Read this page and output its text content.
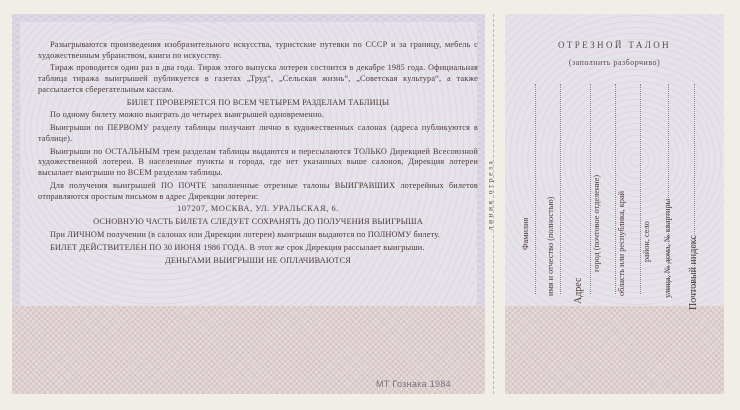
Разыгрываются произведения изобразительного искусства, туристские путевки по СССР и за границу, мебель с художественным убранством, книги по искусству.

Тираж проводится один раз в два года. Тираж этого выпуска лотереи состоится в декабре 1985 года. Официальная таблица тиража выигрышей публикуется в газетах „Труд“, „Сельская жизнь“, „Советская культура“, а также рассылается сберегательным кассам.

БИЛЕТ ПРОВЕРЯЕТСЯ ПО ВСЕМ ЧЕТЫРЕМ РАЗДЕЛАМ ТАБЛИЦЫ

По одному билету можно выиграть до четырех выигрышей одновременно.

Выигрыши по ПЕРВОМУ разделу таблицы получают лично в художественных салонах (адреса публикуются в таблице).

Выигрыши по ОСТАЛЬНЫМ трем разделам таблицы выдаются и пересылаются ТОЛЬКО Дирекцией Всесоюзной художественной лотереи. В населенные пункты и города, где нет указанных выше салонов, Дирекция лотереи высылает выигрыши по ВСЕМ разделам таблицы.

Для получения выигрышей ПО ПОЧТЕ заполненные отрезные талоны ВЫИГРАВШИХ лотерейных билетов отправляются простым письмом в адрес Дирекции лотереи:

107207, МОСКВА, УЛ. УРАЛЬСКАЯ, 6.

ОСНОВНУЮ ЧАСТЬ БИЛЕТА СЛЕДУЕТ СОХРАНЯТЬ ДО ПОЛУЧЕНИЯ ВЫИГРЫША

При ЛИЧНОМ получении (в салонах или Дирекции лотереи) выигрыши выдаются по ПОЛНОМУ билету.

БИЛЕТ ДЕЙСТВИТЕЛЕН ПО 30 ИЮНЯ 1986 ГОДА. В этот же срок Дирекция рассылает выигрыши.

ДЕНЬГАМИ ВЫИГРЫШИ НЕ ОПЛАЧИВАЮТСЯ

линия отреза
ОТРЕЗНОЙ ТАЛОН
(заполнить разборчиво)
Фамилия имя и отчество (полностью) Адрес
город (почтовое отделение) область или республика, край район, село улица, № дома, № квартиры Почтовый индекс
МТ Гознака 1984
